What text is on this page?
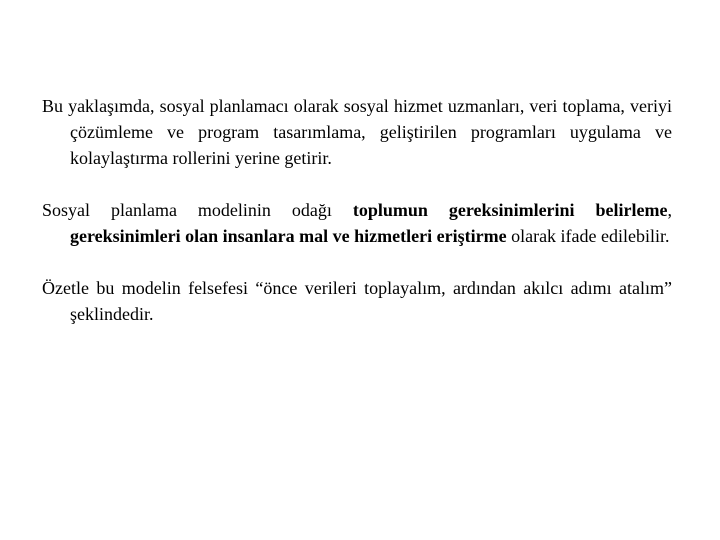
Bu yaklaşımda, sosyal planlamacı olarak sosyal hizmet uzmanları, veri toplama, veriyi çözümleme ve program tasarımlama, geliştirilen programları uygulama ve kolaylaştırma rollerini yerine getirir.

Sosyal planlama modelinin odağı toplumun gereksinimlerini belirleme, gereksinimleri olan insanlara mal ve hizmetleri eriştirme olarak ifade edilebilir.

Özetle bu modelin felsefesi “önce verileri toplayalım, ardından akılcı adımı atalım” şeklindedir.
